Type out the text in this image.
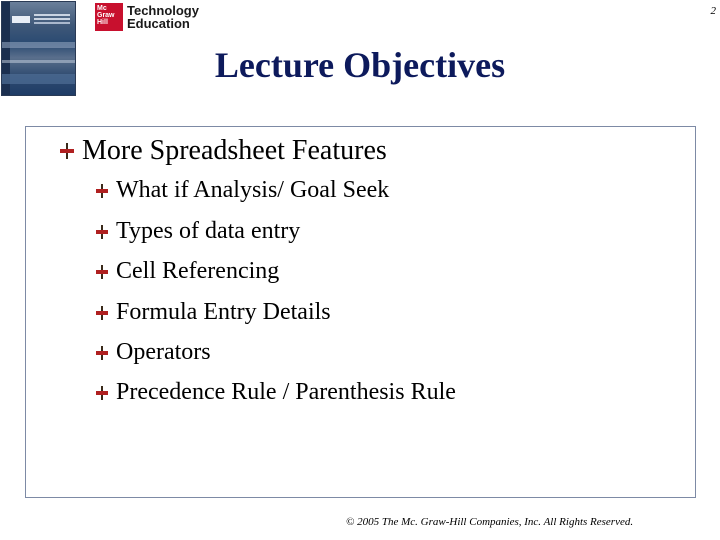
Mc
Graw
Hill
Technology
Education
2
Lecture Objectives
More Spreadsheet Features
What if Analysis/ Goal Seek
Types of data entry
Cell Referencing
Formula Entry Details
Operators
Precedence Rule / Parenthesis Rule
© 2005 The Mc. Graw-Hill Companies, Inc. All Rights Reserved.
